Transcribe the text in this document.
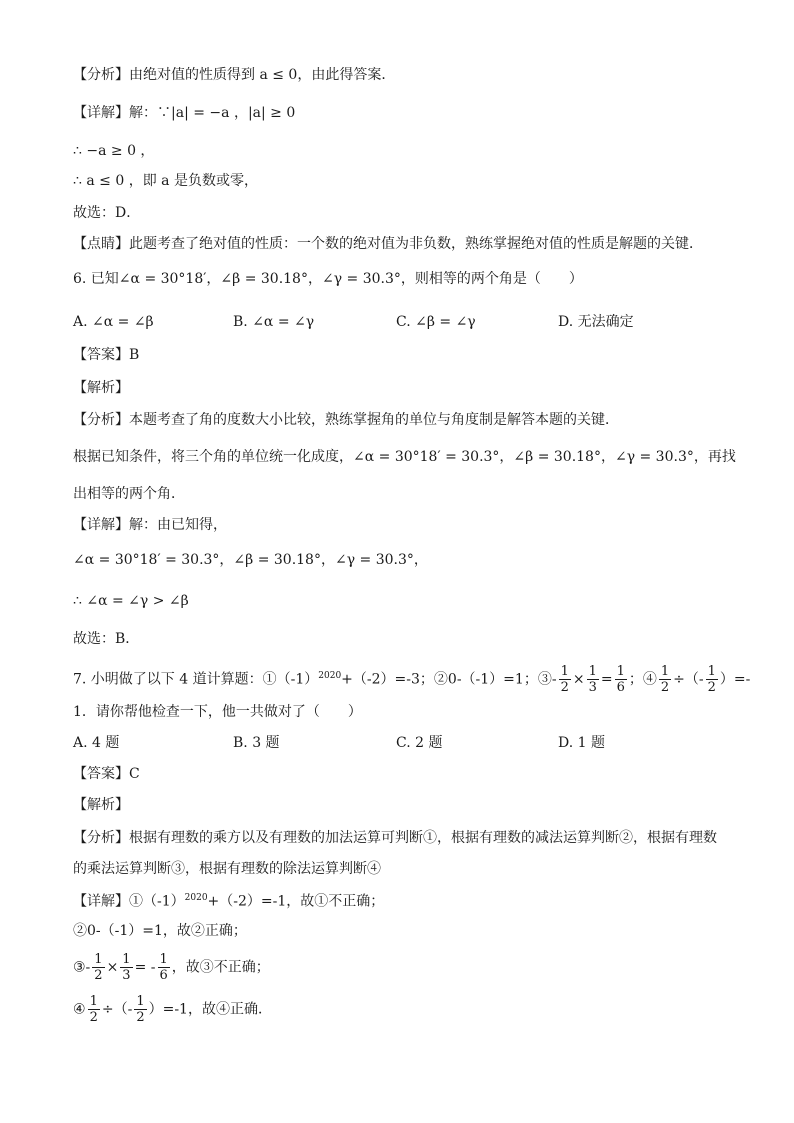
【分析】由绝对值的性质得到 a ≤ 0，由此得答案．
【详解】解：∵|a| = −a ，|a| ≥ 0
∴ −a ≥ 0 ，
∴ a ≤ 0 ，即 a 是负数或零，
故选：D．
【点睛】此题考查了绝对值的性质：一个数的绝对值为非负数，熟练掌握绝对值的性质是解题的关键．
6. 已知∠α = 30°18′，∠β = 30.18°，∠γ = 30.3°，则相等的两个角是（　　）
A. ∠α = ∠β	B. ∠α = ∠γ	C. ∠β = ∠γ	D. 无法确定
【答案】B
【解析】
【分析】本题考查了角的度数大小比较，熟练掌握角的单位与角度制是解答本题的关键．
根据已知条件，将三个角的单位统一化成度，∠α = 30°18′ = 30.3°，∠β = 30.18°，∠γ = 30.3°，再找
出相等的两个角．
【详解】解：由已知得，
∠α = 30°18′ = 30.3°，∠β = 30.18°，∠γ = 30.3°，
∴ ∠α = ∠γ > ∠β
故选：B．
7. 小明做了以下 4 道计算题：$①(-1)^{2020}+(-2)=-3$；②0-（-1）=1；③- $\frac{1}{2} \times \frac{1}{3} = \frac{1}{6}$ ；④ $\frac{1}{2}$ ÷（- $\frac{1}{2}$ ）=-
1．请你帮他检查一下，他一共做对了（　　）
A. 4 题	B. 3 题	C. 2 题	D. 1 题
【答案】C
【解析】
【分析】根据有理数的乘方以及有理数的加法运算可判断①，根据有理数的减法运算判断②，根据有理数
的乘法运算判断③，根据有理数的除法运算判断④
【详解】$①(-1)^{2020}+(-2)=-1$，故①不正确；
②0-（-1）=1，故②正确；
③- $\frac{1}{2} \times \frac{1}{3}$ = - $\frac{1}{6}$ ，故③不正确；
④ $\frac{1}{2}$ ÷（- $\frac{1}{2} )=-1$，故④正确．
